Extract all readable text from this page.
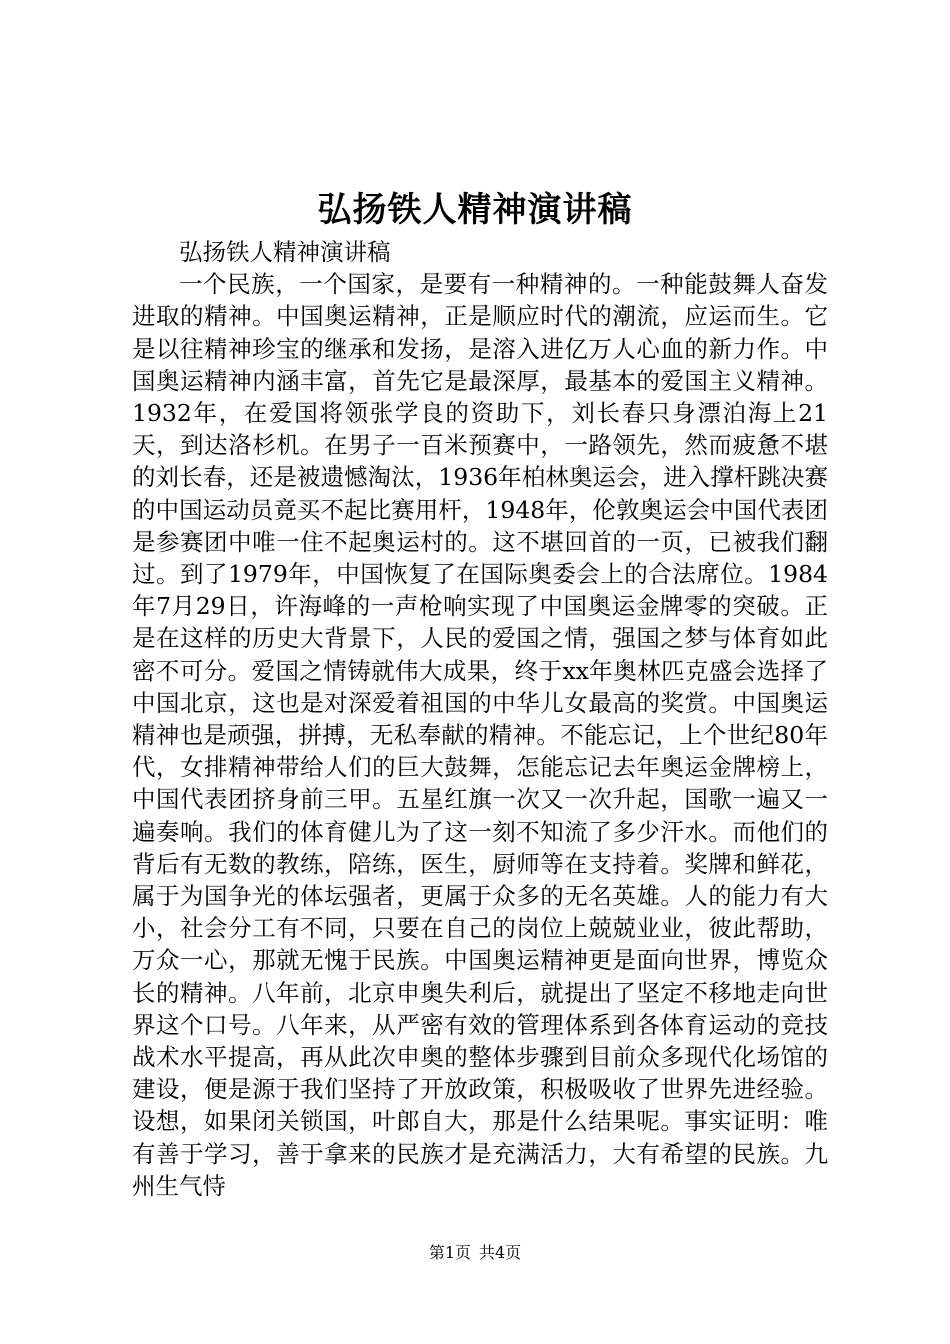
弘扬铁人精神演讲稿

弘扬铁人精神演讲稿

一个民族，一个国家，是要有一种精神的。一种能鼓舞人奋发进取的精神。中国奥运精神，正是顺应时代的潮流，应运而生。它是以往精神珍宝的继承和发扬，是溶入进亿万人心血的新力作。中国奥运精神内涵丰富，首先它是最深厚，最基本的爱国主义精神。1932年，在爱国将领张学良的资助下，刘长春只身漂泊海上21天，到达洛杉机。在男子一百米预赛中，一路领先，然而疲惫不堪的刘长春，还是被遗憾淘汰，1936年柏林奥运会，进入撑杆跳决赛的中国运动员竟买不起比赛用杆，1948年，伦敦奥运会中国代表团是参赛团中唯一住不起奥运村的。这不堪回首的一页，已被我们翻过。到了1979年，中国恢复了在国际奥委会上的合法席位。1984年7月29日，许海峰的一声枪响实现了中国奥运金牌零的突破。正是在这样的历史大背景下，人民的爱国之情，强国之梦与体育如此密不可分。爱国之情铸就伟大成果，终于xx年奥林匹克盛会选择了中国北京，这也是对深爱着祖国的中华儿女最高的奖赏。中国奥运精神也是顽强，拼搏，无私奉献的精神。不能忘记，上个世纪80年代，女排精神带给人们的巨大鼓舞，怎能忘记去年奥运金牌榜上，中国代表团挤身前三甲。五星红旗一次又一次升起，国歌一遍又一遍奏响。我们的体育健儿为了这一刻不知流了多少汗水。而他们的背后有无数的教练，陪练，医生，厨师等在支持着。奖牌和鲜花，属于为国争光的体坛强者，更属于众多的无名英雄。人的能力有大小，社会分工有不同，只要在自己的岗位上兢兢业业，彼此帮助，万众一心，那就无愧于民族。中国奥运精神更是面向世界，博览众长的精神。八年前，北京申奥失利后，就提出了坚定不移地走向世界这个口号。八年来，从严密有效的管理体系到各体育运动的竞技战术水平提高，再从此次申奥的整体步骤到目前众多现代化场馆的建设，便是源于我们坚持了开放政策，积极吸收了世界先进经验。设想，如果闭关锁国，叶郎自大，那是什么结果呢。事实证明：唯有善于学习，善于拿来的民族才是充满活力，大有希望的民族。九州生气恃

第1页 共4页
